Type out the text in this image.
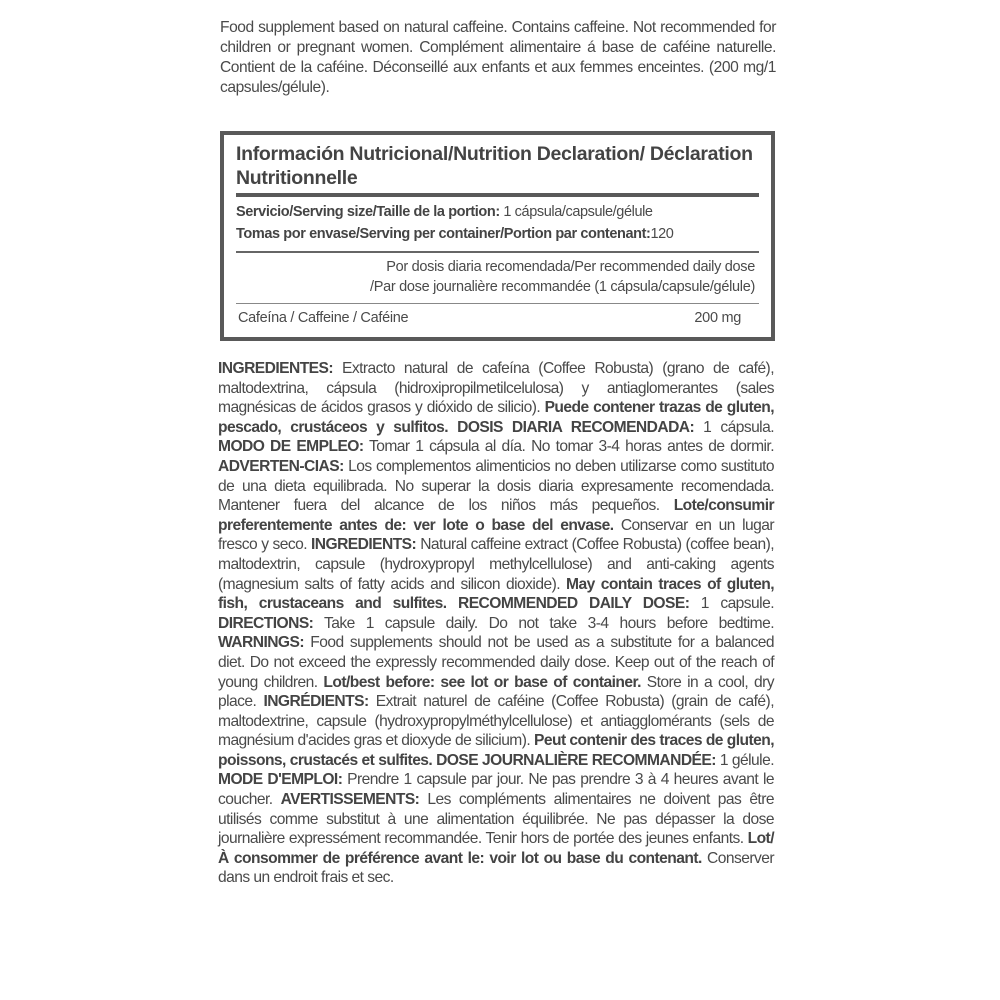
Food supplement based on natural caffeine. Contains caffeine. Not recommended for children or pregnant women. Complément alimentaire á base de caféine naturelle. Contient de la caféine. Déconseillé aux enfants et aux femmes enceintes. (200 mg/1 capsules/gélule).
Información Nutricional/Nutrition Declaration/ Déclaration Nutritionnelle
Servicio/Serving size/Taille de la portion: 1 cápsula/capsule/gélule
Tomas por envase/Serving per container/Portion par contenant:120
Por dosis diaria recomendada/Per recommended daily dose
/Par dose journalière recommandée (1 cápsula/capsule/gélule)
Cafeína / Caffeine / Caféine	200 mg
INGREDIENTES: Extracto natural de cafeína (Coffee Robusta) (grano de café), maltodextrina, cápsula (hidroxipropilmetilcelulosa) y antiaglomerantes (sales magnésicas de ácidos grasos y dióxido de silicio). Puede contener trazas de gluten, pescado, crustáceos y sulfitos. DOSIS DIARIA RECOMENDADA: 1 cápsula. MODO DE EMPLEO: Tomar 1 cápsula al día. No tomar 3-4 horas antes de dormir. ADVERTEN-CIAS: Los complementos alimenticios no deben utilizarse como sustituto de una dieta equilibrada. No superar la dosis diaria expresamente recomendada. Mantener fuera del alcance de los niños más pequeños. Lote/consumir preferentemente antes de: ver lote o base del envase. Conservar en un lugar fresco y seco. INGREDIENTS: Natural caffeine extract (Coffee Robusta) (coffee bean), maltodextrin, capsule (hydroxypropyl methylcellulose) and anti-caking agents (magnesium salts of fatty acids and silicon dioxide). May contain traces of gluten, fish, crustaceans and sulfites. RECOMMENDED DAILY DOSE: 1 capsule. DIRECTIONS: Take 1 capsule daily. Do not take 3-4 hours before bedtime. WARNINGS: Food supplements should not be used as a substitute for a balanced diet. Do not exceed the expressly recommended daily dose. Keep out of the reach of young children. Lot/best before: see lot or base of container. Store in a cool, dry place. INGRÉDIENTS: Extrait naturel de caféine (Coffee Robusta) (grain de café), maltodextrine, capsule (hydroxypropylméthylcellulose) et antiagglomérants (sels de magnésium d'acides gras et dioxyde de silicium). Peut contenir des traces de gluten, poissons, crustacés et sulfites. DOSE JOURNALIÈRE RECOMMANDÉE: 1 gélule. MODE D'EMPLOI: Prendre 1 capsule par jour. Ne pas prendre 3 à 4 heures avant le coucher. AVERTISSEMENTS: Les compléments alimentaires ne doivent pas être utilisés comme substitut à une alimentation équilibrée. Ne pas dépasser la dose journalière expressément recommandée. Tenir hors de portée des jeunes enfants. Lot/À consommer de préférence avant le: voir lot ou base du contenant. Conserver dans un endroit frais et sec.
